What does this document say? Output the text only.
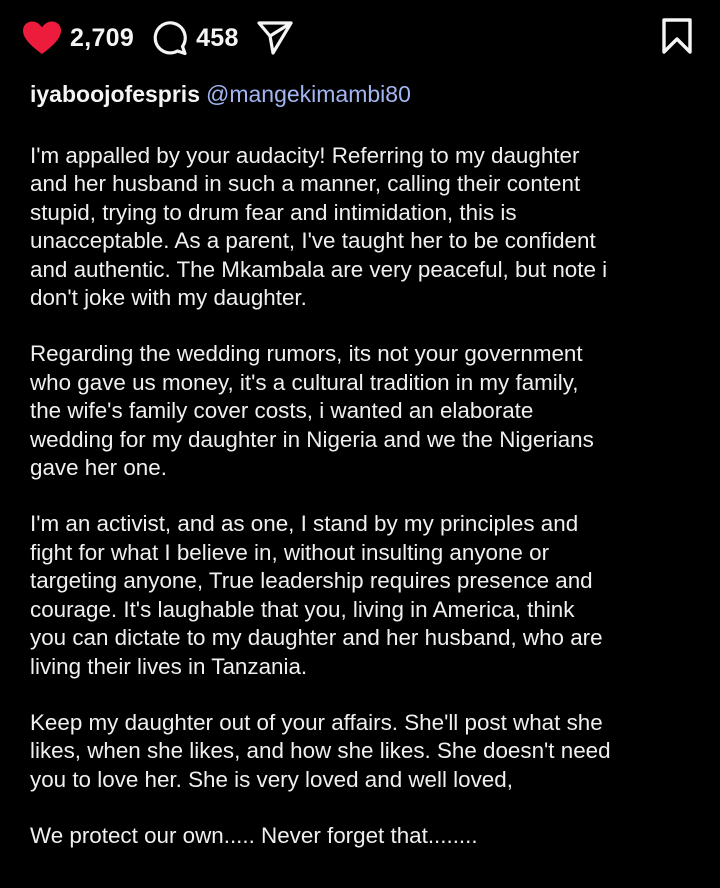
2,709 458
iyaboojofespris @mangekimambi80

I'm appalled by your audacity! Referring to my daughter
and her husband in such a manner, calling their content
stupid, trying to drum fear and intimidation, this is
unacceptable. As a parent, I've taught her to be confident
and authentic. The Mkambala are very peaceful, but note i
don't joke with my daughter.

Regarding the wedding rumors, its not your government
who gave us money, it's a cultural tradition in my family,
the wife's family cover costs, i wanted an elaborate
wedding for my daughter in Nigeria and we the Nigerians
gave her one.

I'm an activist, and as one, I stand by my principles and
fight for what I believe in, without insulting anyone or
targeting anyone, True leadership requires presence and
courage. It's laughable that you, living in America, think
you can dictate to my daughter and her husband, who are
living their lives in Tanzania.

Keep my daughter out of your affairs. She'll post what she
likes, when she likes, and how she likes. She doesn't need
you to love her. She is very loved and well loved,

We protect our own..... Never forget that........
